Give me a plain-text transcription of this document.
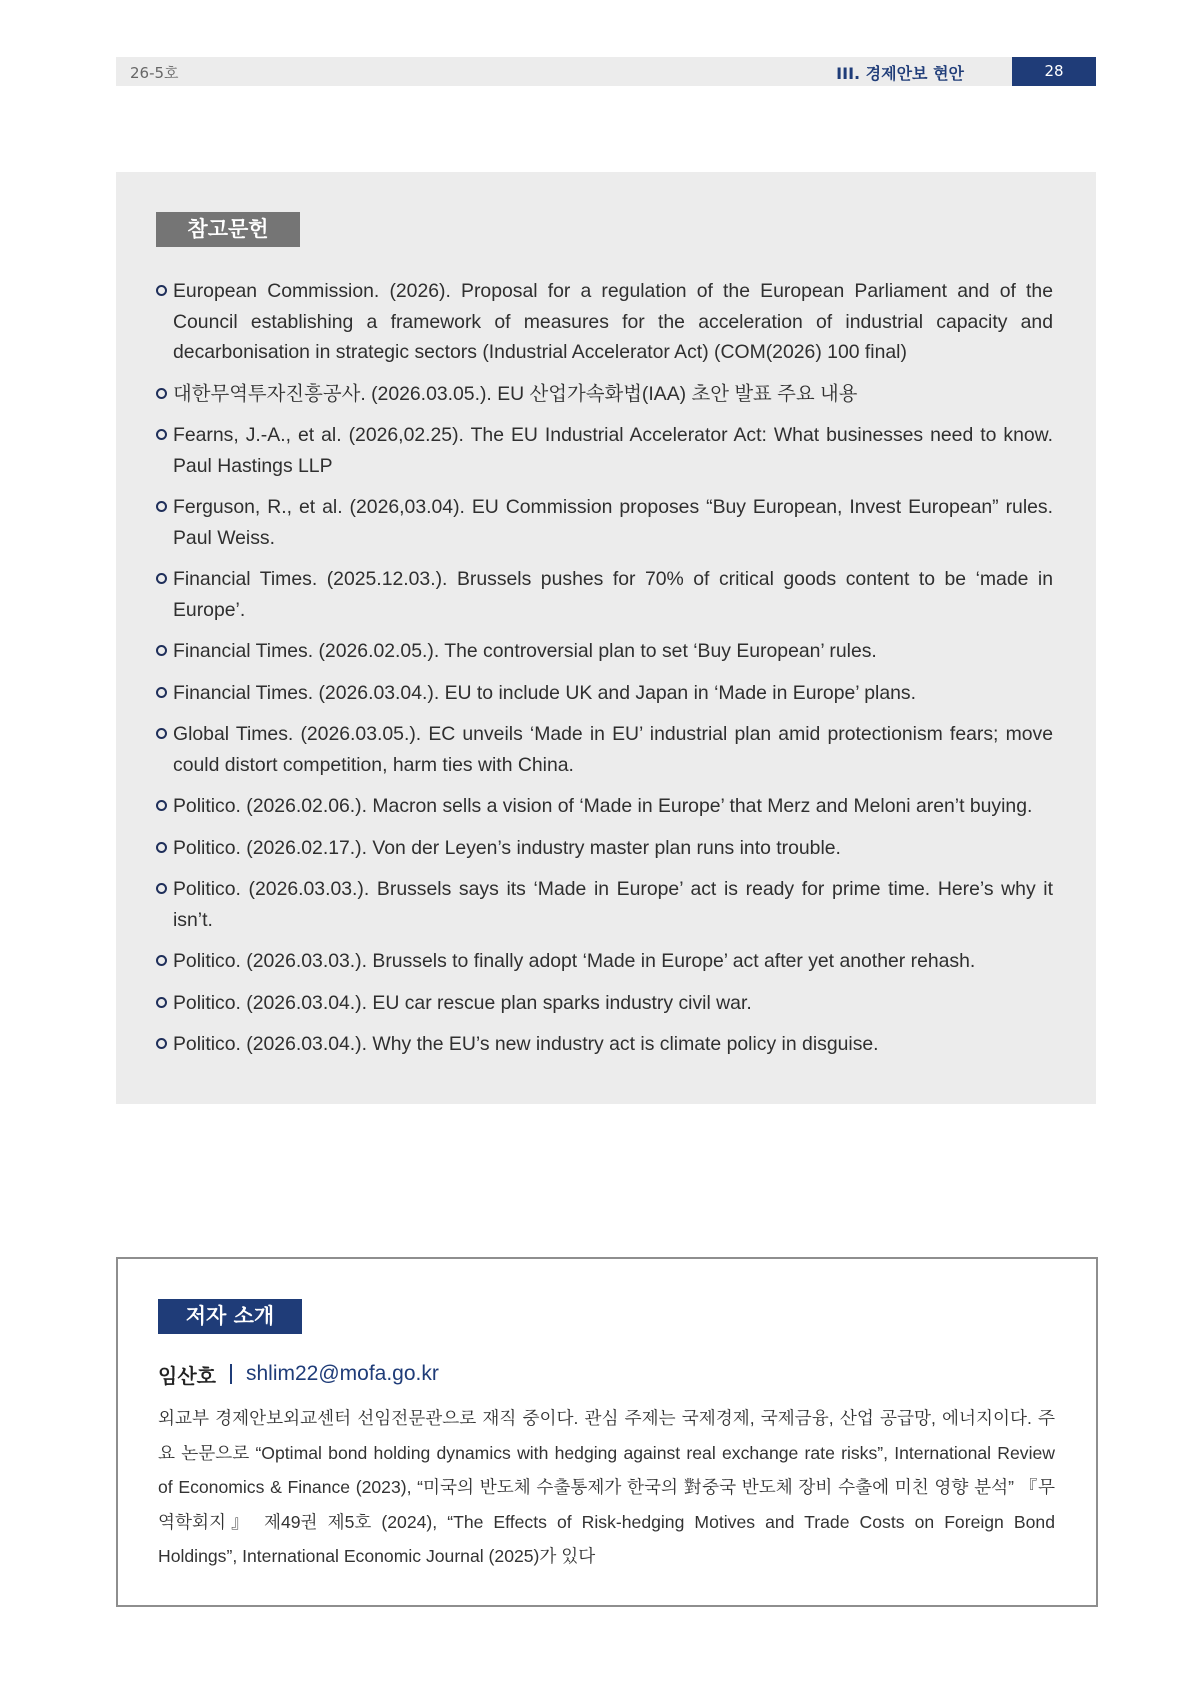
26-5호	III. 경제안보 현안	28
참고문헌
European Commission. (2026). Proposal for a regulation of the European Parliament and of the Council establishing a framework of measures for the acceleration of industrial capacity and decarbonisation in strategic sectors (Industrial Accelerator Act) (COM(2026) 100 final)
대한무역투자진흥공사. (2026.03.05.). EU 산업가속화법(IAA) 초안 발표 주요 내용
Fearns, J.-A., et al. (2026,02.25). The EU Industrial Accelerator Act: What businesses need to know. Paul Hastings LLP
Ferguson, R., et al. (2026,03.04). EU Commission proposes “Buy European, Invest European” rules. Paul Weiss.
Financial Times. (2025.12.03.). Brussels pushes for 70% of critical goods content to be ‘made in Europe’.
Financial Times. (2026.02.05.). The controversial plan to set ‘Buy European’ rules.
Financial Times. (2026.03.04.). EU to include UK and Japan in ‘Made in Europe’ plans.
Global Times. (2026.03.05.). EC unveils ‘Made in EU’ industrial plan amid protectionism fears; move could distort competition, harm ties with China.
Politico. (2026.02.06.). Macron sells a vision of ‘Made in Europe’ that Merz and Meloni aren’t buying.
Politico. (2026.02.17.). Von der Leyen’s industry master plan runs into trouble.
Politico. (2026.03.03.). Brussels says its ‘Made in Europe’ act is ready for prime time. Here’s why it isn’t.
Politico. (2026.03.03.). Brussels to finally adopt ‘Made in Europe’ act after yet another rehash.
Politico. (2026.03.04.). EU car rescue plan sparks industry civil war.
Politico. (2026.03.04.). Why the EU’s new industry act is climate policy in disguise.
저자 소개
임산호 shlim22@mofa.go.kr

외교부 경제안보외교센터 선임전문관으로 재직 중이다. 관심 주제는 국제경제, 국제금융, 산업 공급망, 에너지이다. 주요 논문으로 “Optimal bond holding dynamics with hedging against real exchange rate risks”, International Review of Economics & Finance (2023), “미국의 반도체 수출통제가 한국의 對중국 반도체 장비 수출에 미친 영향 분석” 『무역학회지』 제49권 제5호 (2024), “The Effects of Risk-hedging Motives and Trade Costs on Foreign Bond Holdings”, International Economic Journal (2025)가 있다
